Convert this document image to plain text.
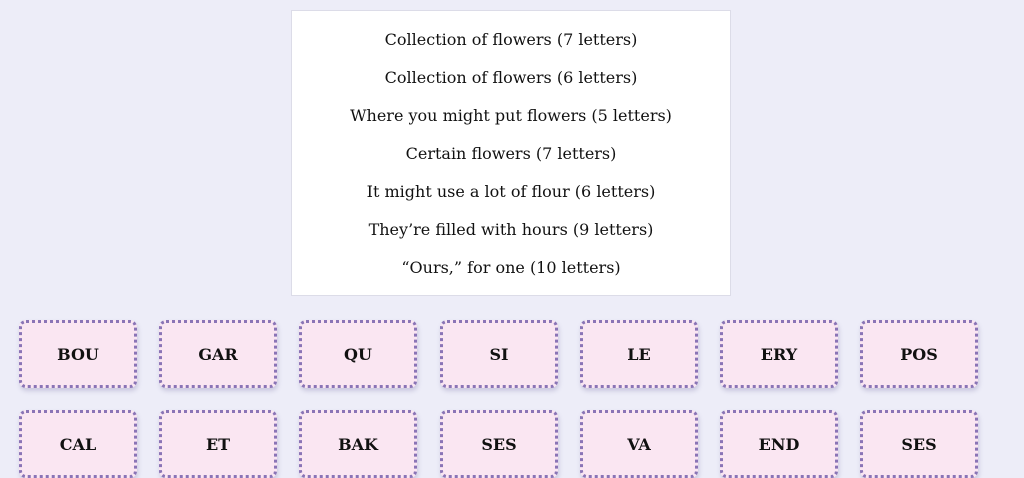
Collection of flowers (7 letters)
Collection of flowers (6 letters)
Where you might put flowers (5 letters)
Certain flowers (7 letters)
It might use a lot of flour (6 letters)
They’re filled with hours (9 letters)
“Ours,” for one (10 letters)
BOU	GAR	QU	SI	LE	ERY	POS
CAL	ET	BAK	SES	VA	END	SES
